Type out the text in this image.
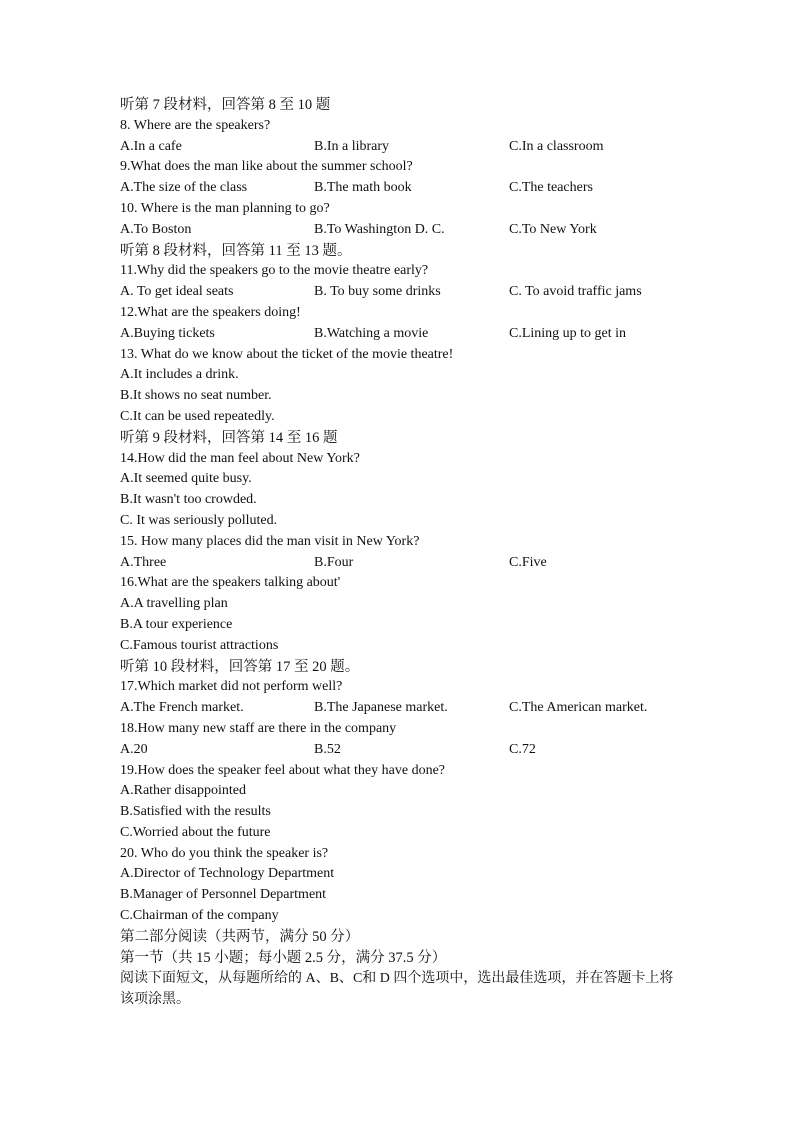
听第 7 段材料，回答第 8 至 10 题
8. Where are the speakers?
A.In a cafe	B.In a library	C.In a classroom
9.What does the man like about the summer school?
A.The size of the class	B.The math book	C.The teachers
10. Where is the man planning to go?
A.To Boston	B.To Washington D. C.	C.To New York
听第 8 段材料，回答第 11 至 13 题。
11.Why did the speakers go to the movie theatre early?
A. To get ideal seats	B. To buy some drinks	C. To avoid traffic jams
12.What are the speakers doing!
A.Buying tickets	B.Watching a movie	C.Lining up to get in
13. What do we know about the ticket of the movie theatre!
A.It includes a drink.
B.It shows no seat number.
C.It can be used repeatedly.
听第 9 段材料，回答第 14 至 16 题
14.How did the man feel about New York?
A.It seemed quite busy.
B.It wasn't too crowded.
C. It was seriously polluted.
15. How many places did the man visit in New York?
A.Three	B.Four	C.Five
16.What are the speakers talking about'
A.A travelling plan
B.A tour experience
C.Famous tourist attractions
听第 10 段材料，回答第 17 至 20 题。
17.Which market did not perform well?
A.The French market.	B.The Japanese market.	C.The American market.
18.How many new staff are there in the company
A.20	B.52	C.72
19.How does the speaker feel about what they have done?
A.Rather disappointed
B.Satisfied with the results
C.Worried about the future
20. Who do you think the speaker is?
A.Director of Technology Department
B.Manager of Personnel Department
C.Chairman of the company
第二部分阅读（共两节，满分 50 分）
第一节（共 15 小题；每小题 2.5 分，满分 37.5 分）
阅读下面短文，从每题所给的 A、B、C和 D 四个选项中，选出最佳选项，并在答题卡上将该项涂黑。
